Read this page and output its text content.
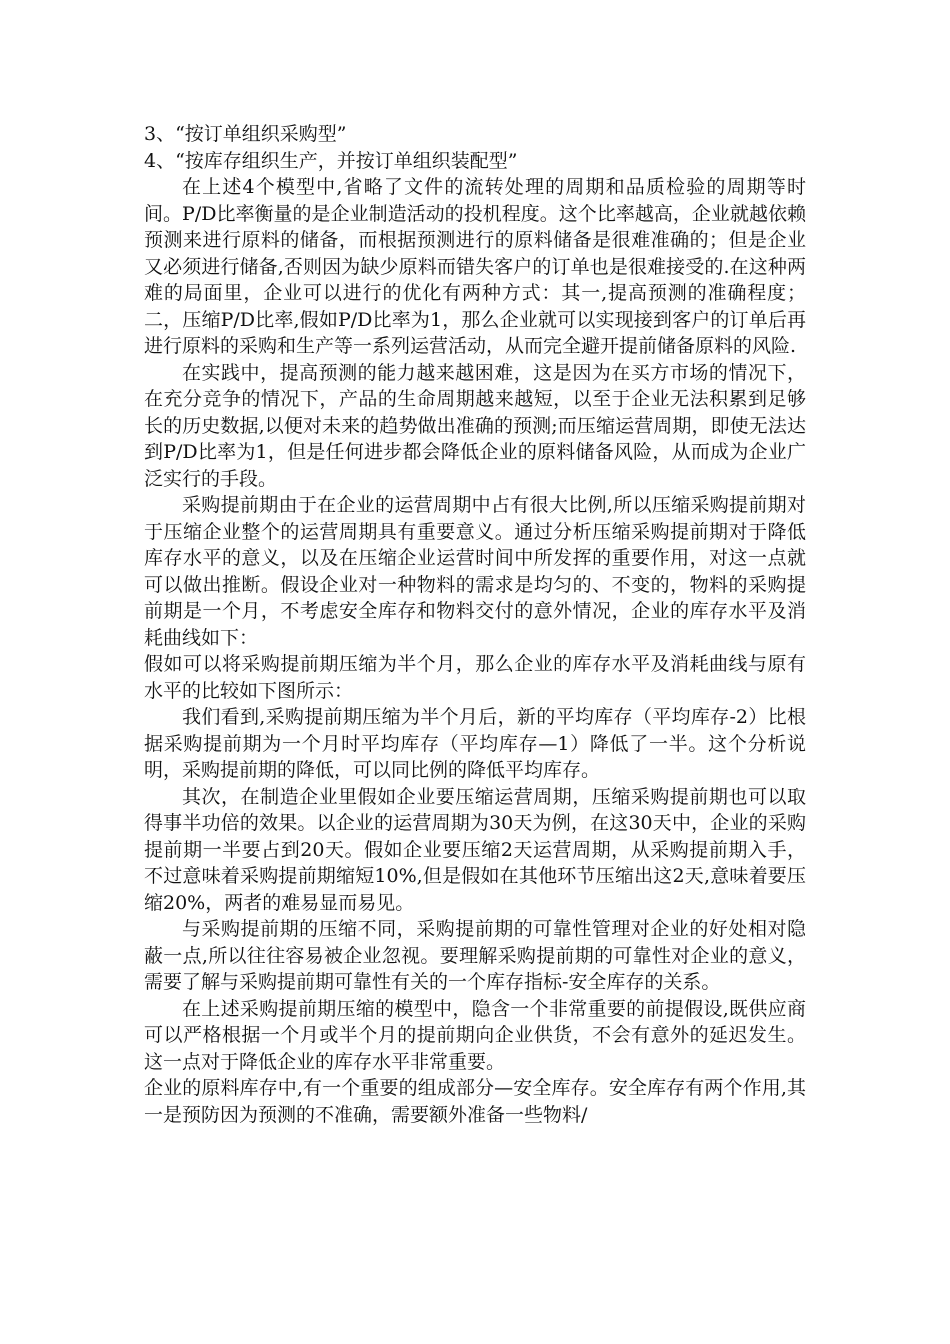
3、“按订单组织采购型”

4、“按库存组织生产，并按订单组织装配型”

在上述4个模型中,省略了文件的流转处理的周期和品质检验的周期等时间。P/D比率衡量的是企业制造活动的投机程度。这个比率越高，企业就越依赖预测来进行原料的储备，而根据预测进行的原料储备是很难准确的；但是企业又必须进行储备,否则因为缺少原料而错失客户的订单也是很难接受的.在这种两难的局面里，企业可以进行的优化有两种方式：其一,提高预测的准确程度；二，压缩P/D比率,假如P/D比率为1，那么企业就可以实现接到客户的订单后再进行原料的采购和生产等一系列运营活动，从而完全避开提前储备原料的风险.

在实践中，提高预测的能力越来越困难，这是因为在买方市场的情况下，在充分竞争的情况下，产品的生命周期越来越短，以至于企业无法积累到足够长的历史数据,以便对未来的趋势做出准确的预测;而压缩运营周期，即使无法达到P/D比率为1，但是任何进步都会降低企业的原料储备风险，从而成为企业广泛实行的手段。

采购提前期由于在企业的运营周期中占有很大比例,所以压缩采购提前期对于压缩企业整个的运营周期具有重要意义。通过分析压缩采购提前期对于降低库存水平的意义，以及在压缩企业运营时间中所发挥的重要作用，对这一点就可以做出推断。假设企业对一种物料的需求是均匀的、不变的，物料的采购提前期是一个月，不考虑安全库存和物料交付的意外情况，企业的库存水平及消耗曲线如下：

假如可以将采购提前期压缩为半个月，那么企业的库存水平及消耗曲线与原有水平的比较如下图所示：

我们看到,采购提前期压缩为半个月后，新的平均库存（平均库存-2）比根据采购提前期为一个月时平均库存（平均库存—1）降低了一半。这个分析说明，采购提前期的降低，可以同比例的降低平均库存。

其次，在制造企业里假如企业要压缩运营周期，压缩采购提前期也可以取得事半功倍的效果。以企业的运营周期为30天为例，在这30天中，企业的采购提前期一半要占到20天。假如企业要压缩2天运营周期，从采购提前期入手，不过意味着采购提前期缩短10%,但是假如在其他环节压缩出这2天,意味着要压缩20%，两者的难易显而易见。

与采购提前期的压缩不同，采购提前期的可靠性管理对企业的好处相对隐蔽一点,所以往往容易被企业忽视。要理解采购提前期的可靠性对企业的意义，需要了解与采购提前期可靠性有关的一个库存指标-安全库存的关系。

在上述采购提前期压缩的模型中，隐含一个非常重要的前提假设,既供应商可以严格根据一个月或半个月的提前期向企业供货，不会有意外的延迟发生。这一点对于降低企业的库存水平非常重要。

企业的原料库存中,有一个重要的组成部分—安全库存。安全库存有两个作用,其一是预防因为预测的不准确，需要额外准备一些物料/
